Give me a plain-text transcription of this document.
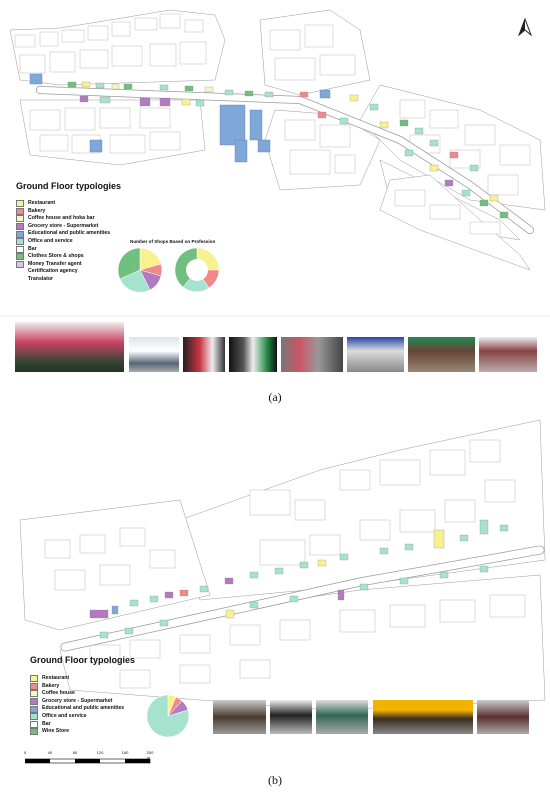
Ground Floor typologies
Restaurant
Bakery
Coffee house and hoka bar
Grocery store - Supermarket
Educational and public amenities
Office and service
Bar
Clothes Store & shops
Money Transfer agent
Certification agency
Translator
Number of Shops Based on Profession
(a)
Ground Floor typologies
Restaurant
Bakery
Coffee house
Grocery store - Supermarket
Educational and public amenities
Office and service
Bar
Wine Store
0	40	80	120	160	200 m
(b)
